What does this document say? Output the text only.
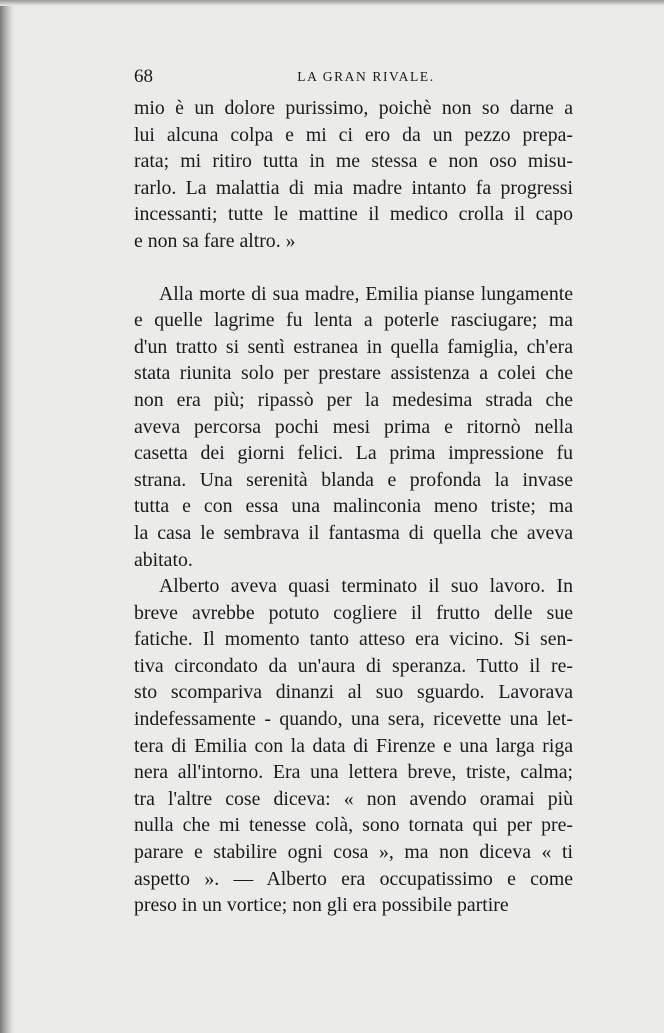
68	LA GRAN RIVALE.
mio è un dolore purissimo, poichè non so darne a
lui alcuna colpa e mi ci ero da un pezzo prepa-
rata; mi ritiro tutta in me stessa e non oso misu-
rarlo. La malattia di mia madre intanto fa progressi
incessanti; tutte le mattine il medico crolla il capo
e non sa fare altro. »
Alla morte di sua madre, Emilia pianse lungamente
e quelle lagrime fu lenta a poterle rasciugare; ma
d'un tratto si sentì estranea in quella famiglia, ch'era
stata riunita solo per prestare assistenza a colei che
non era più; ripassò per la medesima strada che
aveva percorsa pochi mesi prima e ritornò nella
casetta dei giorni felici. La prima impressione fu
strana. Una serenità blanda e profonda la invase
tutta e con essa una malinconia meno triste; ma
la casa le sembrava il fantasma di quella che aveva
abitato.
Alberto aveva quasi terminato il suo lavoro. In
breve avrebbe potuto cogliere il frutto delle sue
fatiche. Il momento tanto atteso era vicino. Si sen-
tiva circondato da un'aura di speranza. Tutto il re-
sto scompariva dinanzi al suo sguardo. Lavorava
indefessamente - quando, una sera, ricevette una let-
tera di Emilia con la data di Firenze e una larga riga
nera all'intorno. Era una lettera breve, triste, calma;
tra l'altre cose diceva: « non avendo oramai più
nulla che mi tenesse colà, sono tornata qui per pre-
parare e stabilire ogni cosa », ma non diceva « ti
aspetto ». — Alberto era occupatissimo e come
preso in un vortice; non gli era possibile partire
